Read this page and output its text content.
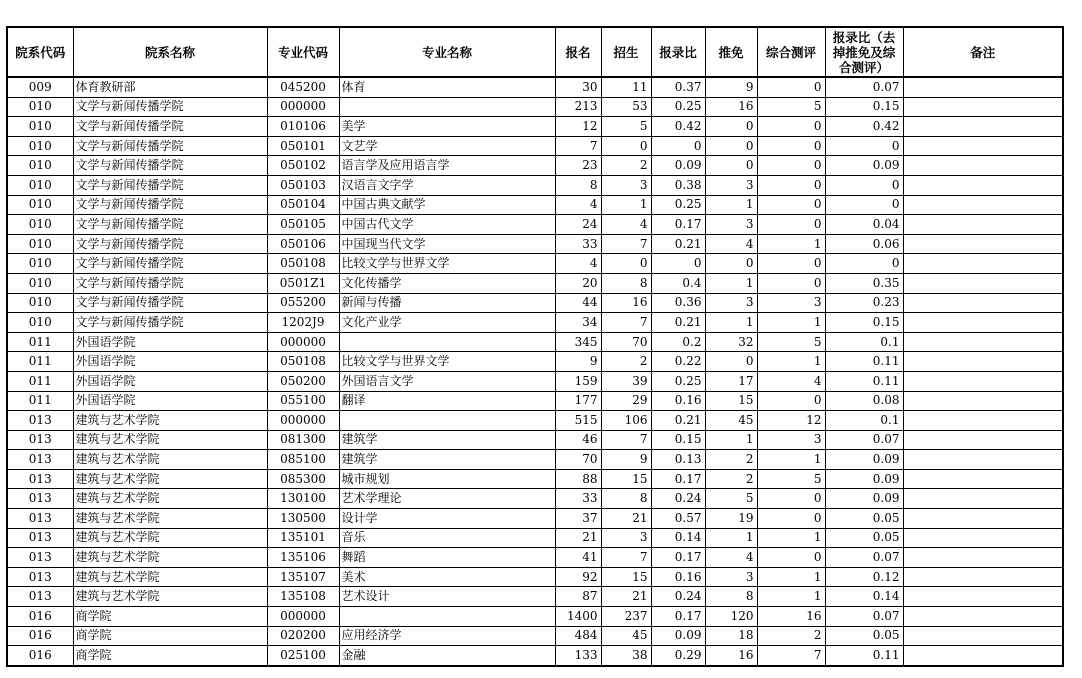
院系代码	院系名称	专业代码	专业名称	报名	招生	报录比	推免	综合测评	报录比（去掉推免及综合测评）	备注
009	体育教研部	045200	体育	30	11	0.37	9	0	0.07	
010	文学与新闻传播学院	000000		213	53	0.25	16	5	0.15	
010	文学与新闻传播学院	010106	美学	12	5	0.42	0	0	0.42	
010	文学与新闻传播学院	050101	文艺学	7	0	0	0	0	0	
010	文学与新闻传播学院	050102	语言学及应用语言学	23	2	0.09	0	0	0.09	
010	文学与新闻传播学院	050103	汉语言文字学	8	3	0.38	3	0	0	
010	文学与新闻传播学院	050104	中国古典文献学	4	1	0.25	1	0	0	
010	文学与新闻传播学院	050105	中国古代文学	24	4	0.17	3	0	0.04	
010	文学与新闻传播学院	050106	中国现当代文学	33	7	0.21	4	1	0.06	
010	文学与新闻传播学院	050108	比较文学与世界文学	4	0	0	0	0	0	
010	文学与新闻传播学院	0501Z1	文化传播学	20	8	0.4	1	0	0.35	
010	文学与新闻传播学院	055200	新闻与传播	44	16	0.36	3	3	0.23	
010	文学与新闻传播学院	1202J9	文化产业学	34	7	0.21	1	1	0.15	
011	外国语学院	000000		345	70	0.2	32	5	0.1	
011	外国语学院	050108	比较文学与世界文学	9	2	0.22	0	1	0.11	
011	外国语学院	050200	外国语言文学	159	39	0.25	17	4	0.11	
011	外国语学院	055100	翻译	177	29	0.16	15	0	0.08	
013	建筑与艺术学院	000000		515	106	0.21	45	12	0.1	
013	建筑与艺术学院	081300	建筑学	46	7	0.15	1	3	0.07	
013	建筑与艺术学院	085100	建筑学	70	9	0.13	2	1	0.09	
013	建筑与艺术学院	085300	城市规划	88	15	0.17	2	5	0.09	
013	建筑与艺术学院	130100	艺术学理论	33	8	0.24	5	0	0.09	
013	建筑与艺术学院	130500	设计学	37	21	0.57	19	0	0.05	
013	建筑与艺术学院	135101	音乐	21	3	0.14	1	1	0.05	
013	建筑与艺术学院	135106	舞蹈	41	7	0.17	4	0	0.07	
013	建筑与艺术学院	135107	美术	92	15	0.16	3	1	0.12	
013	建筑与艺术学院	135108	艺术设计	87	21	0.24	8	1	0.14	
016	商学院	000000		1400	237	0.17	120	16	0.07	
016	商学院	020200	应用经济学	484	45	0.09	18	2	0.05	
016	商学院	025100	金融	133	38	0.29	16	7	0.11	
